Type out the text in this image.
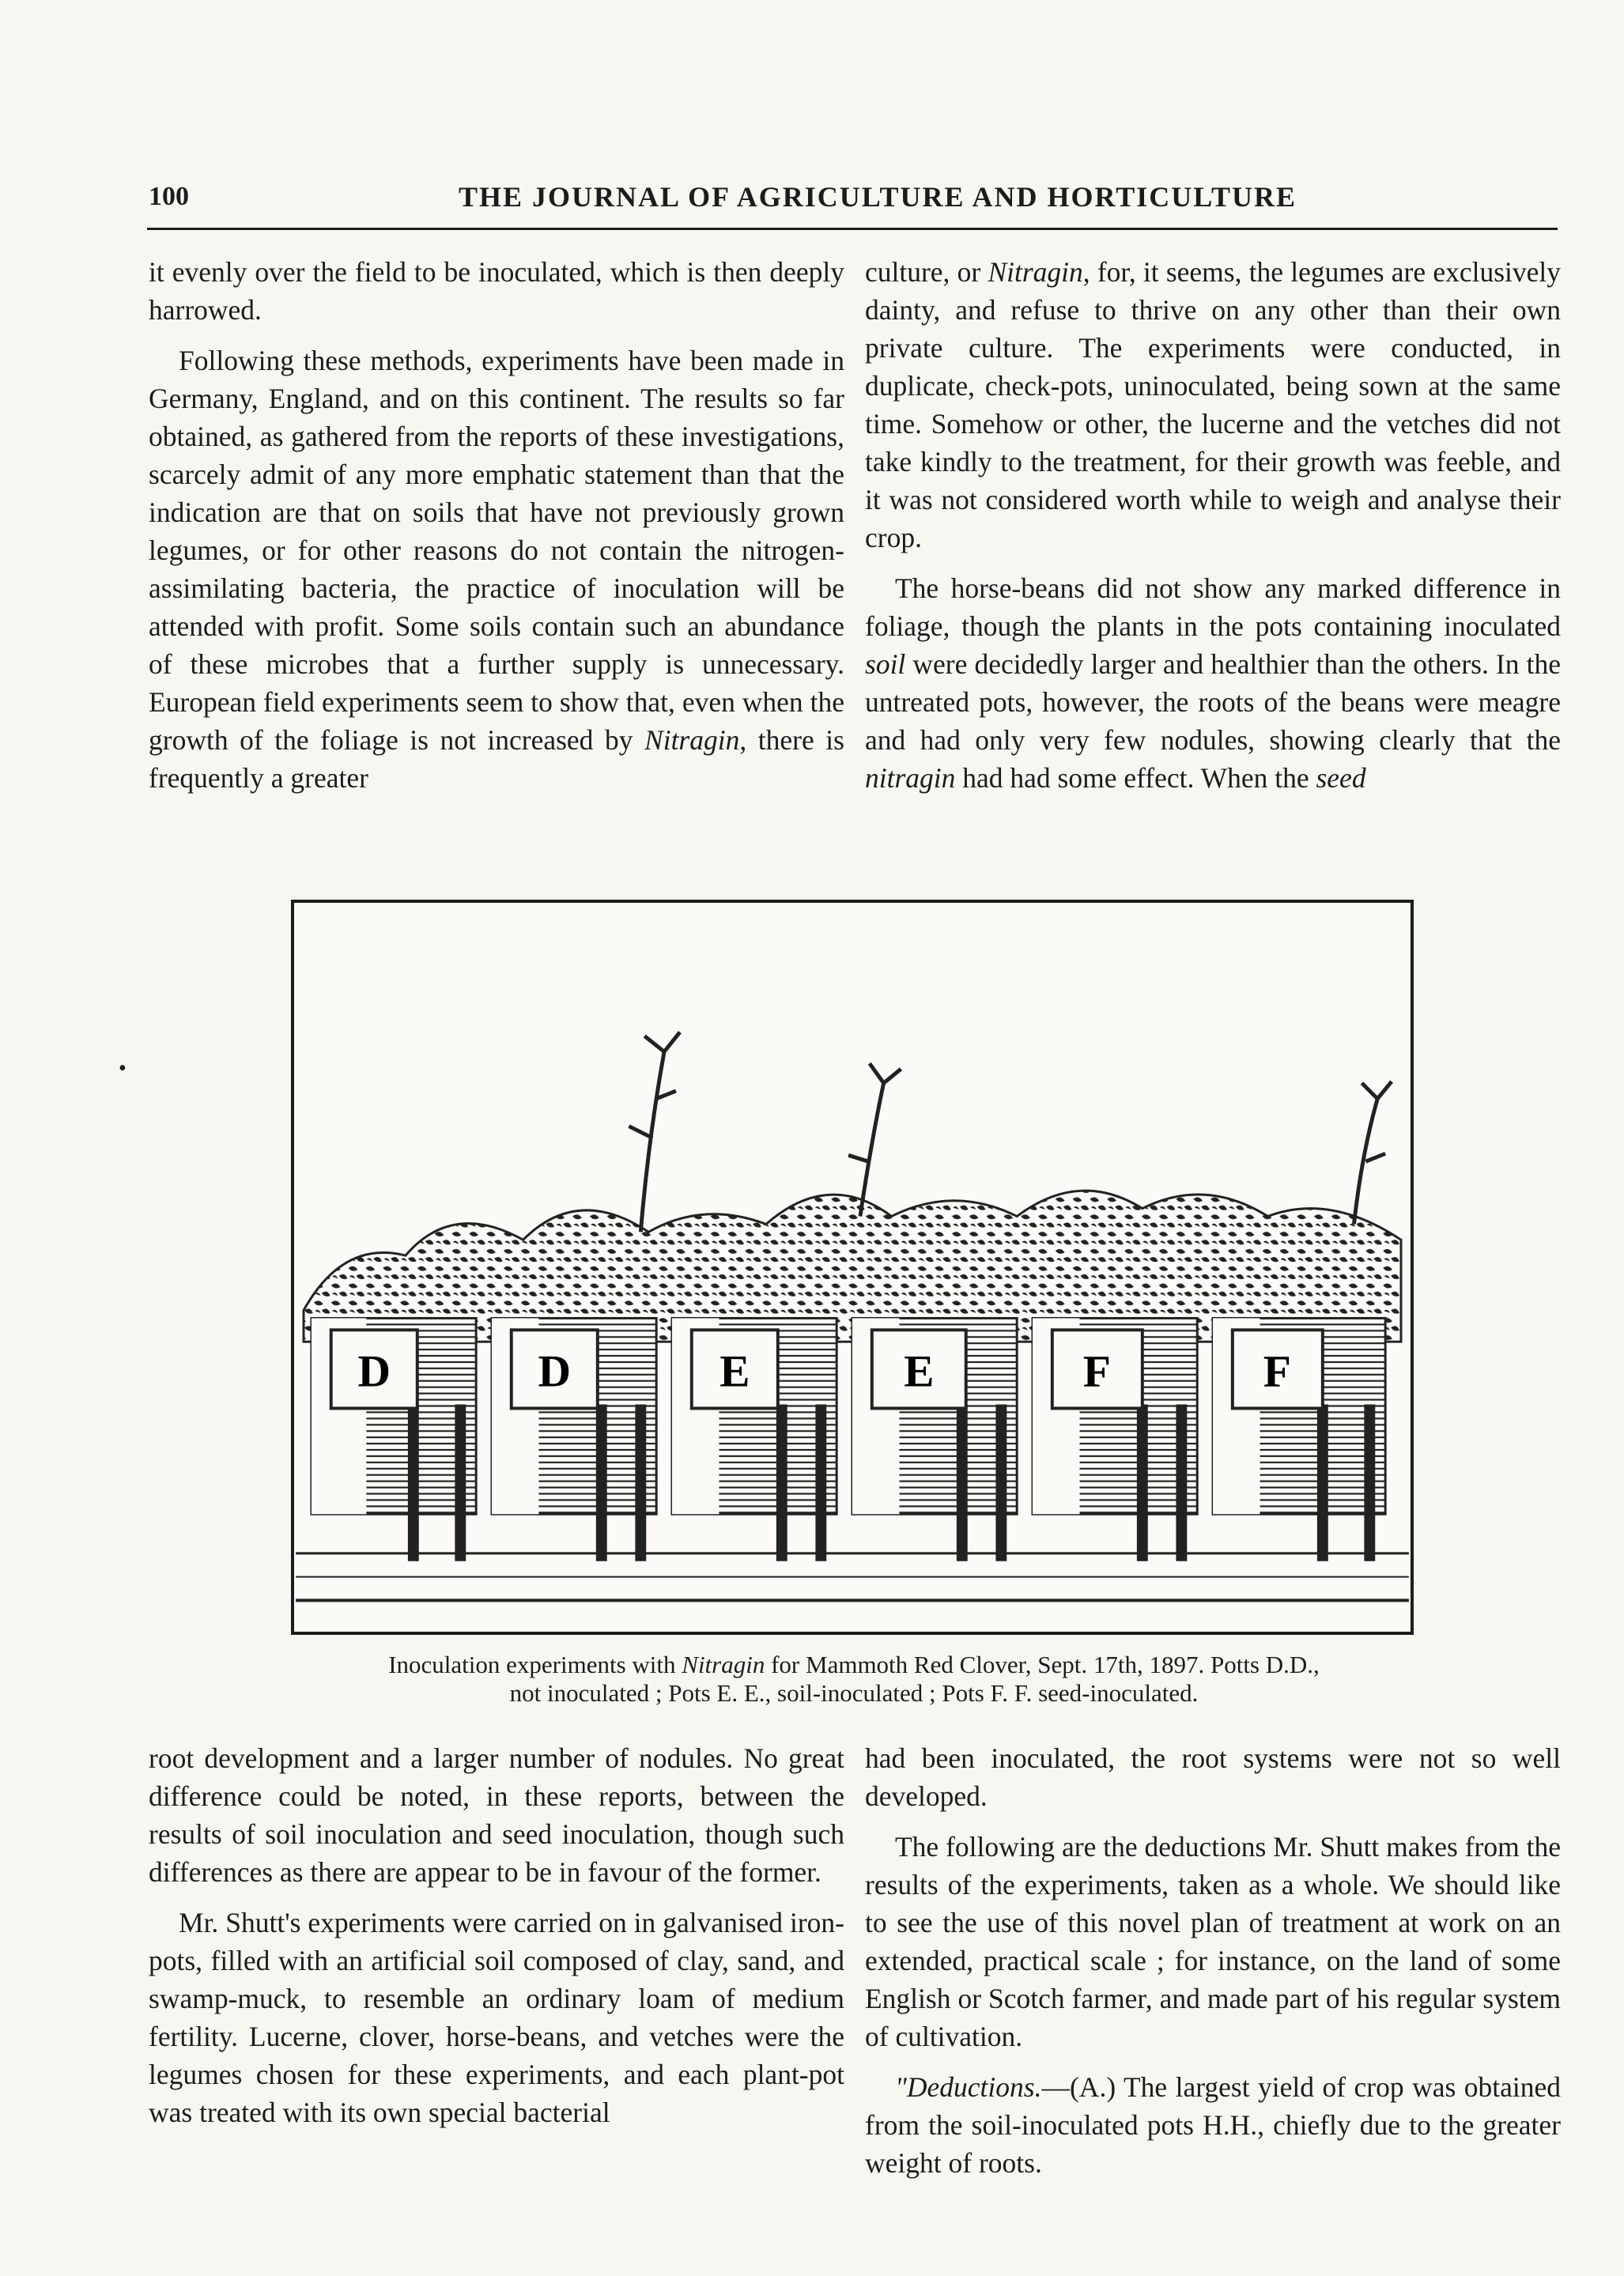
100	THE JOURNAL OF AGRICULTURE AND HORTICULTURE

it evenly over the field to be inoculated, which is then deeply harrowed.

Following these methods, experiments have been made in Germany, England, and on this continent. The results so far obtained, as gathered from the reports of these investigations, scarcely admit of any more emphatic statement than that the indication are that on soils that have not previously grown legumes, or for other reasons do not contain the nitrogen-assimilating bacteria, the practice of inoculation will be attended with profit. Some soils contain such an abundance of these microbes that a further supply is unnecessary. European field experiments seem to show that, even when the growth of the foliage is not increased by Nitragin, there is frequently a greater

culture, or Nitragin, for, it seems, the legumes are exclusively dainty, and refuse to thrive on any other than their own private culture. The experiments were conducted, in duplicate, check-pots, uninoculated, being sown at the same time. Somehow or other, the lucerne and the vetches did not take kindly to the treatment, for their growth was feeble, and it was not considered worth while to weigh and analyse their crop.

The horse-beans did not show any marked difference in foliage, though the plants in the pots containing inoculated soil were decidedly larger and healthier than the others. In the untreated pots, however, the roots of the beans were meagre and had only very few nodules, showing clearly that the nitragin had had some effect. When the seed

•
D	D	E	E	F	F
Inoculation experiments with Nitragin for Mammoth Red Clover, Sept. 17th, 1897. Potts D.D.,
not inoculated ; Pots E. E., soil-inoculated ; Pots F. F. seed-inoculated.

root development and a larger number of nodules. No great difference could be noted, in these reports, between the results of soil inoculation and seed inoculation, though such differences as there are appear to be in favour of the former.

Mr. Shutt's experiments were carried on in galvanised iron-pots, filled with an artificial soil composed of clay, sand, and swamp-muck, to resemble an ordinary loam of medium fertility. Lucerne, clover, horse-beans, and vetches were the legumes chosen for these experiments, and each plant-pot was treated with its own special bacterial

had been inoculated, the root systems were not so well developed.

The following are the deductions Mr. Shutt makes from the results of the experiments, taken as a whole. We should like to see the use of this novel plan of treatment at work on an extended, practical scale ; for instance, on the land of some English or Scotch farmer, and made part of his regular system of cultivation.

"Deductions.—(A.) The largest yield of crop was obtained from the soil-inoculated pots H.H., chiefly due to the greater weight of roots.
